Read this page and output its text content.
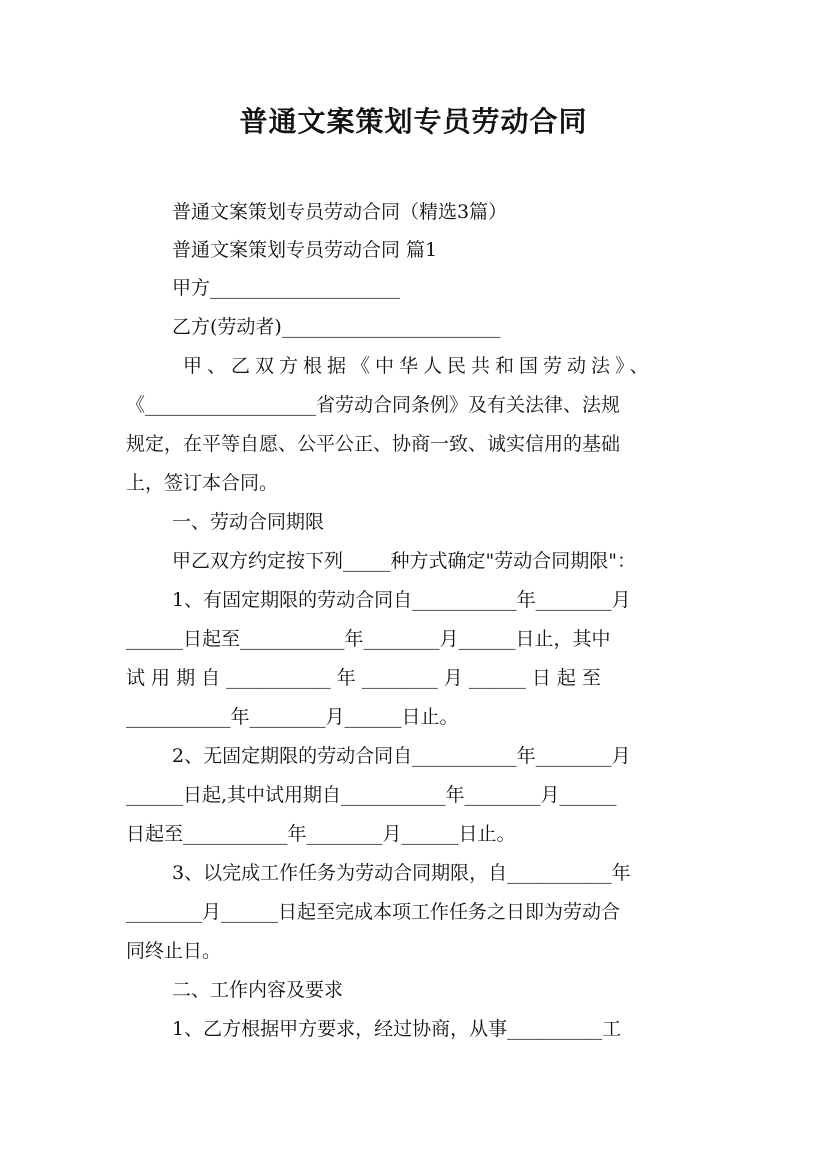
普通文案策划专员劳动合同
普通文案策划专员劳动合同（精选3篇）
普通文案策划专员劳动合同 篇1
甲方____________________
乙方(劳动者)_______________________
甲、乙双方根据《中华人民共和国劳动法》、
《__________________省劳动合同条例》及有关法律、法规
规定，在平等自愿、公平公正、协商一致、诚实信用的基础
上，签订本合同。
一、劳动合同期限
甲乙双方约定按下列_____种方式确定"劳动合同期限"：
1、有固定期限的劳动合同自___________年________月
______日起至___________年________月______日止，其中
试 用 期 自 ___________ 年 ________ 月 ______ 日 起 至
___________年________月______日止。
2、无固定期限的劳动合同自___________年________月
______日起,其中试用期自___________年________月______
日起至___________年________月______日止。
3、以完成工作任务为劳动合同期限，自___________年
________月______日起至完成本项工作任务之日即为劳动合
同终止日。
二、工作内容及要求
1、乙方根据甲方要求，经过协商，从事__________工
